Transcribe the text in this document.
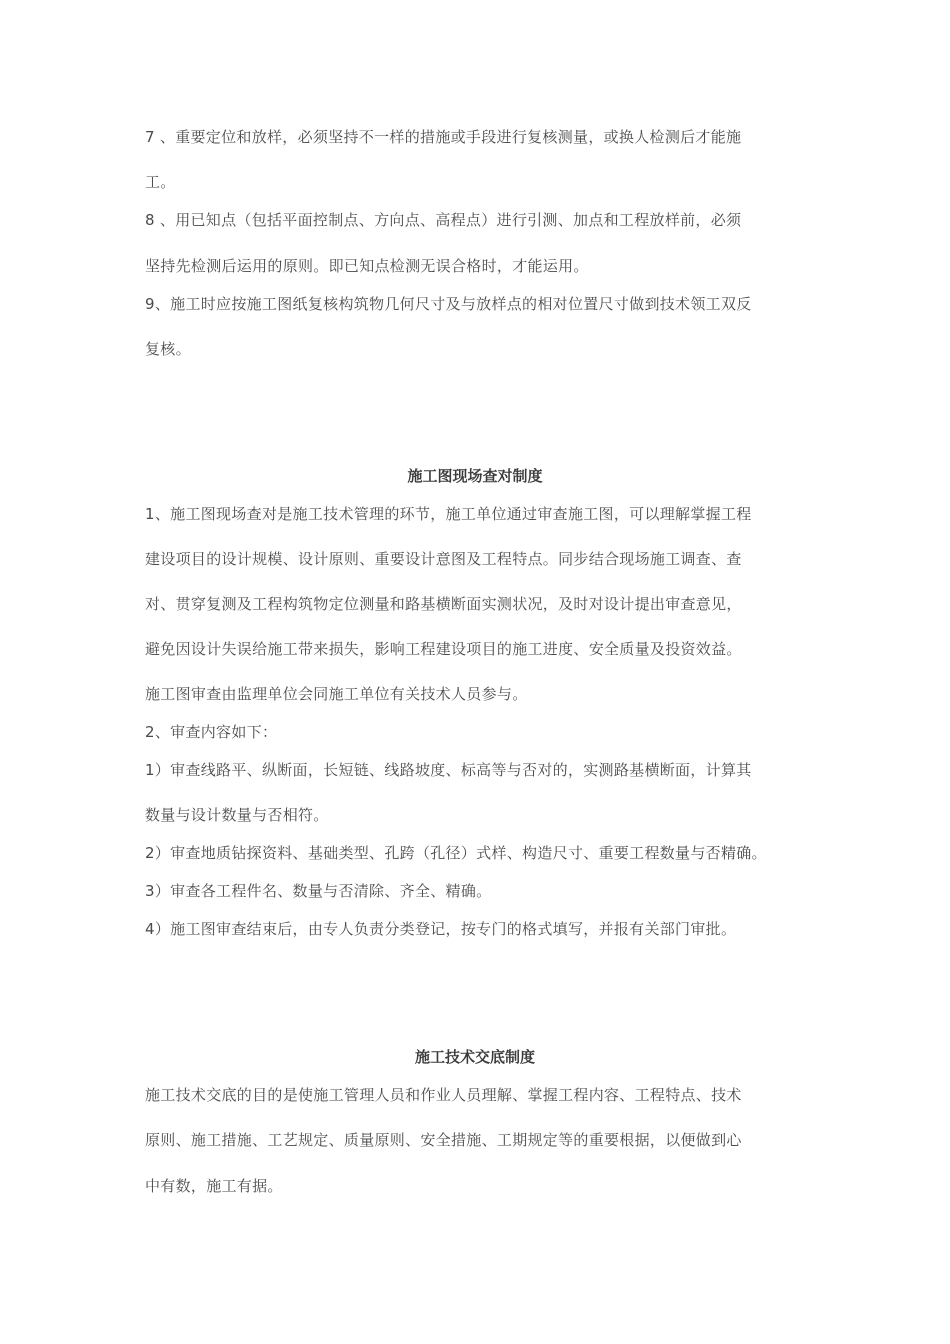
7 、重要定位和放样，必须坚持不一样的措施或手段进行复核测量，或换人检测后才能施
工。
8 、用已知点（包括平面控制点、方向点、高程点）进行引测、加点和工程放样前，必须
坚持先检测后运用的原则。即已知点检测无误合格时，才能运用。
9、施工时应按施工图纸复核构筑物几何尺寸及与放样点的相对位置尺寸做到技术领工双反
复核。
施工图现场查对制度
1、施工图现场查对是施工技术管理的环节，施工单位通过审查施工图，可以理解掌握工程
建设项目的设计规模、设计原则、重要设计意图及工程特点。同步结合现场施工调查、查
对、贯穿复测及工程构筑物定位测量和路基横断面实测状况，及时对设计提出审查意见，
避免因设计失误给施工带来损失，影响工程建设项目的施工进度、安全质量及投资效益。
施工图审查由监理单位会同施工单位有关技术人员参与。
2、审查内容如下：
1）审查线路平、纵断面，长短链、线路坡度、标高等与否对的，实测路基横断面，计算其
数量与设计数量与否相符。
2）审查地质钻探资料、基础类型、孔跨（孔径）式样、构造尺寸、重要工程数量与否精确。
3）审查各工程件名、数量与否清除、齐全、精确。
4）施工图审查结束后，由专人负责分类登记，按专门的格式填写，并报有关部门审批。
施工技术交底制度
施工技术交底的目的是使施工管理人员和作业人员理解、掌握工程内容、工程特点、技术
原则、施工措施、工艺规定、质量原则、安全措施、工期规定等的重要根据，以便做到心
中有数，施工有据。
